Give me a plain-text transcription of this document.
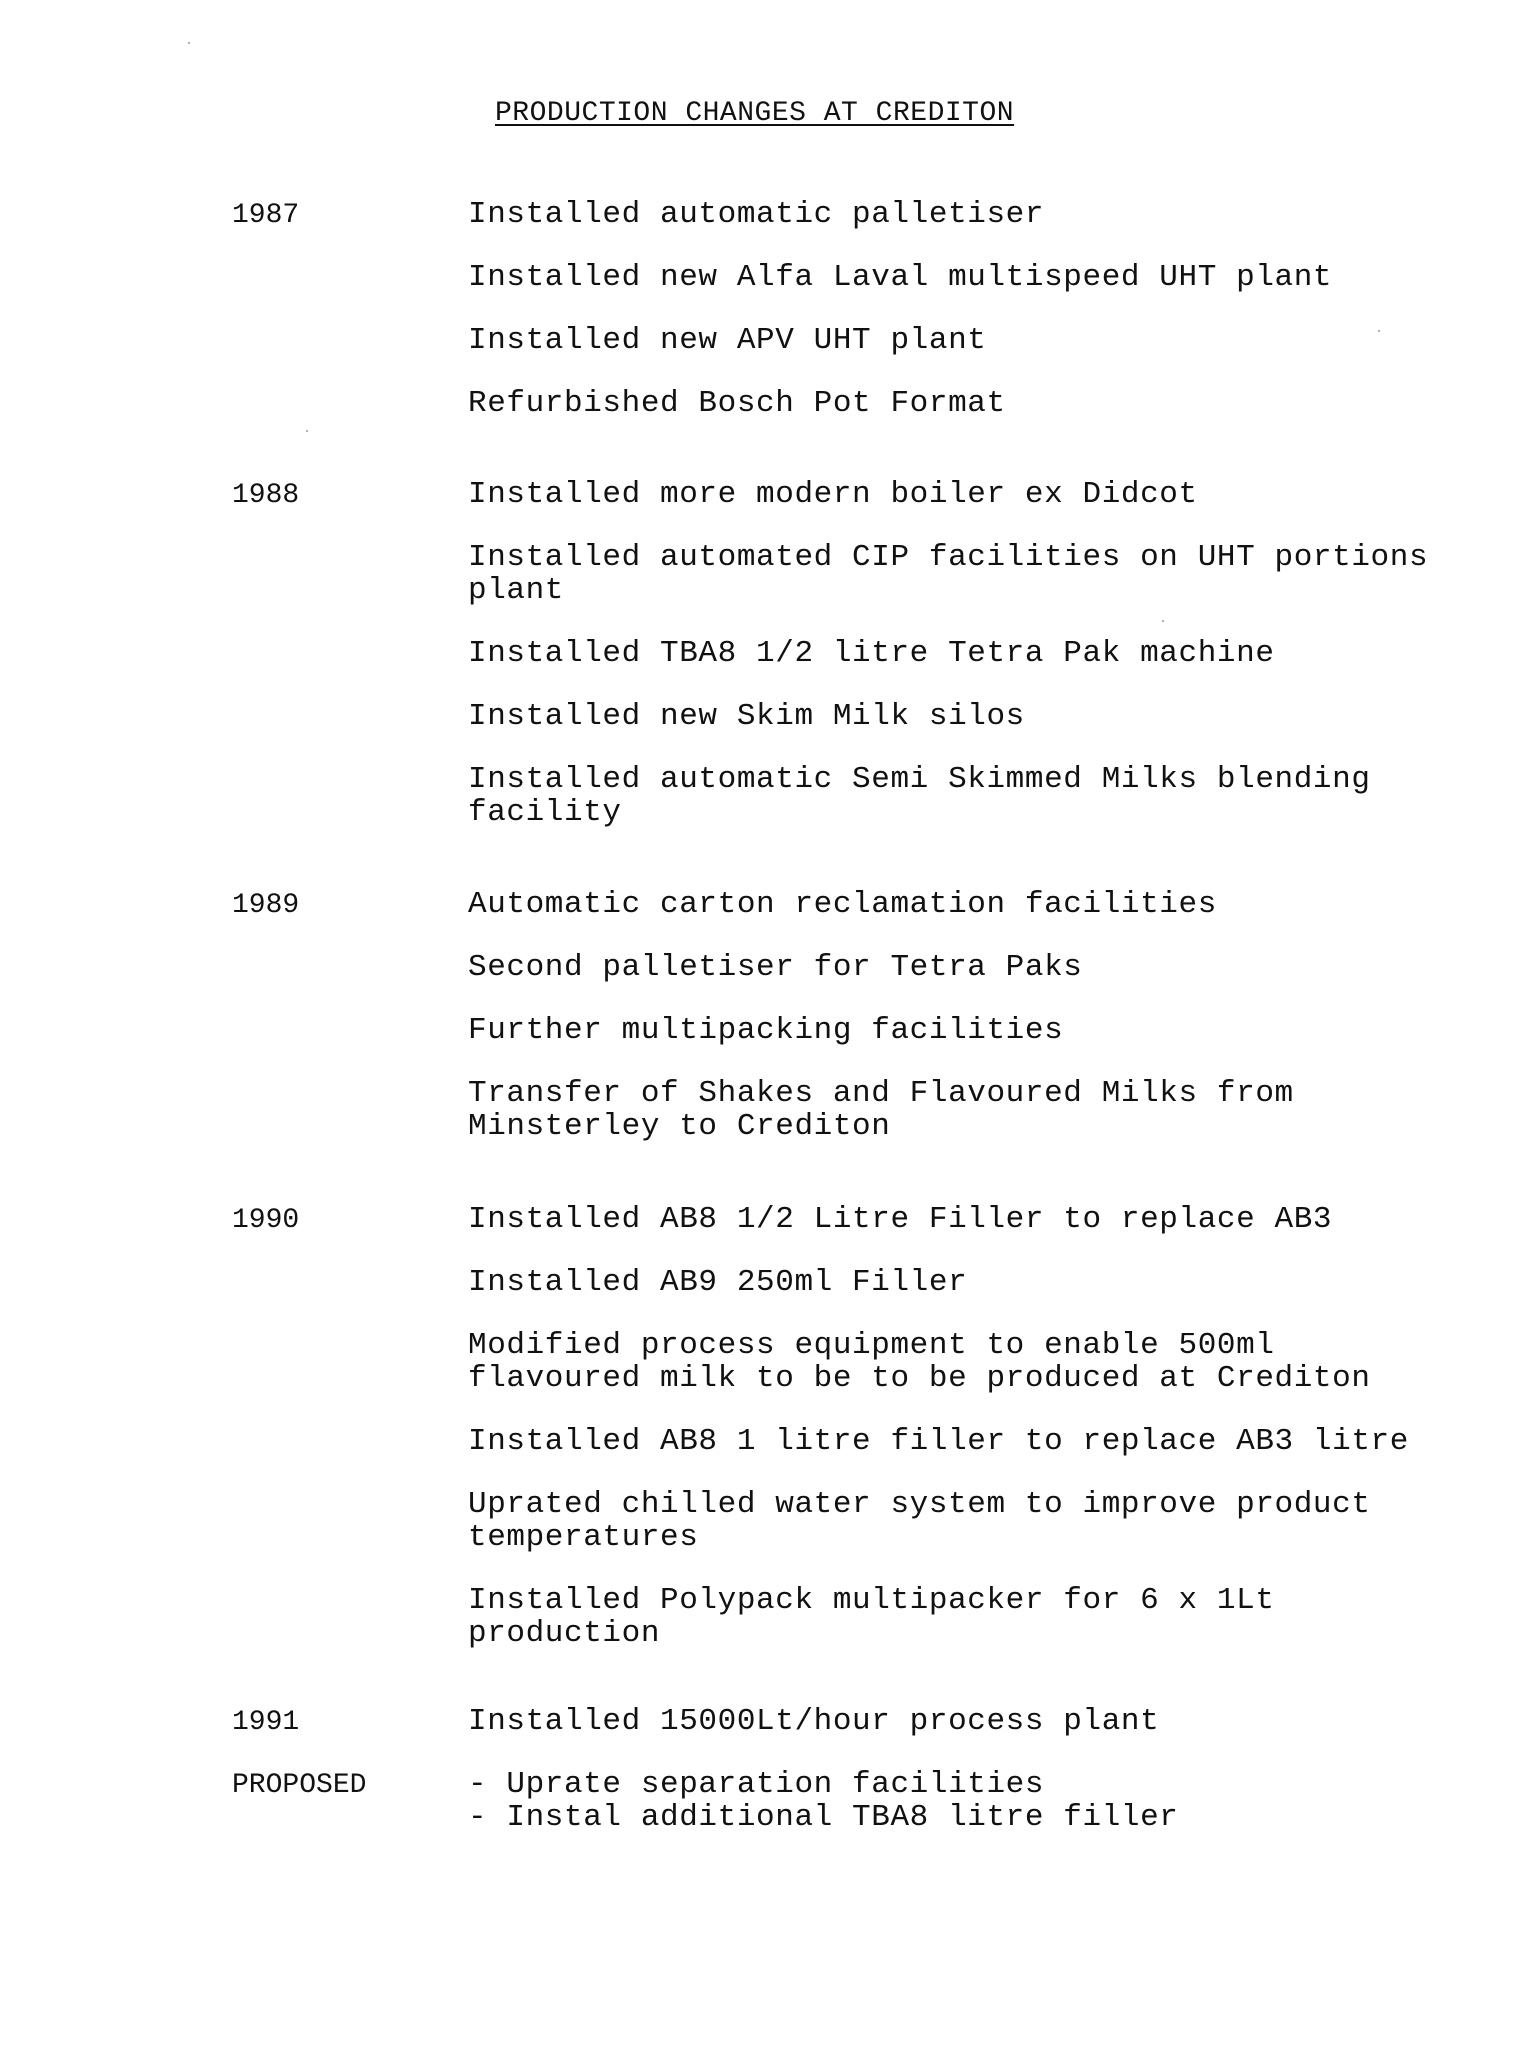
PRODUCTION CHANGES AT CREDITON
1987	Installed automatic palletiser
Installed new Alfa Laval multispeed UHT plant
Installed new APV UHT plant
Refurbished Bosch Pot Format
1988	Installed more modern boiler ex Didcot
Installed automated CIP facilities on UHT portions plant
Installed TBA8 1/2 litre Tetra Pak machine
Installed new Skim Milk silos
Installed automatic Semi Skimmed Milks blending facility
1989	Automatic carton reclamation facilities
Second palletiser for Tetra Paks
Further multipacking facilities
Transfer of Shakes and Flavoured Milks from Minsterley to Crediton
1990	Installed AB8 1/2 Litre Filler to replace AB3
Installed AB9 250ml Filler
Modified process equipment to enable 500ml flavoured milk to be to be produced at Crediton
Installed AB8 1 litre filler to replace AB3 litre
Uprated chilled water system to improve product temperatures
Installed Polypack multipacker for 6 x 1Lt production
1991	Installed 15000Lt/hour process plant
PROPOSED	- Uprate separation facilities
- Instal additional TBA8 litre filler
